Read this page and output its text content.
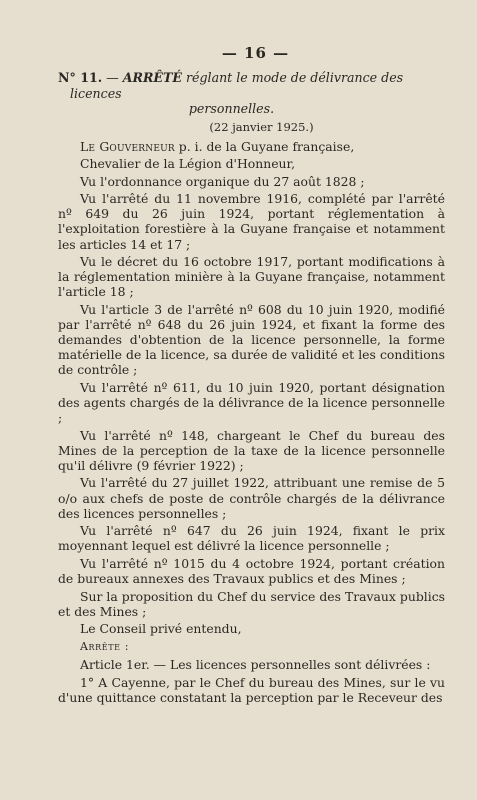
— 16 —

N° 11. — ARRÊTÉ réglant le mode de délivrance des licences
personnelles.

(22 janvier 1925.)

Le Gouverneur p. i. de la Guyane française,

Chevalier de la Légion d'Honneur,

Vu l'ordonnance organique du 27 août 1828 ;

Vu l'arrêté du 11 novembre 1916, complété par l'arrêté nº 649 du 26 juin 1924, portant réglementation à l'exploitation forestière à la Guyane française et notamment les articles 14 et 17 ;

Vu le décret du 16 octobre 1917, portant modifications à la réglementation minière à la Guyane française, notamment l'article 18 ;

Vu l'article 3 de l'arrêté nº 608 du 10 juin 1920, modifié par l'arrêté nº 648 du 26 juin 1924, et fixant la forme des demandes d'obtention de la licence personnelle, la forme matérielle de la licence, sa durée de validité et les conditions de contrôle ;

Vu l'arrêté nº 611, du 10 juin 1920, portant désignation des agents chargés de la délivrance de la licence personnelle ;

Vu l'arrêté nº 148, chargeant le Chef du bureau des Mines de la perception de la taxe de la licence personnelle qu'il délivre (9 février 1922) ;

Vu l'arrêté du 27 juillet 1922, attribuant une remise de 5 o/o aux chefs de poste de contrôle chargés de la délivrance des licences personnelles ;

Vu l'arrêté nº 647 du 26 juin 1924, fixant le prix moyennant lequel est délivré la licence personnelle ;

Vu l'arrêté nº 1015 du 4 octobre 1924, portant création de bureaux annexes des Travaux publics et des Mines ;

Sur la proposition du Chef du service des Travaux publics et des Mines ;

Le Conseil privé entendu,

Arrête :

Article 1er. — Les licences personnelles sont délivrées :

1° A Cayenne, par le Chef du bureau des Mines, sur le vu d'une quittance constatant la perception par le Receveur des
